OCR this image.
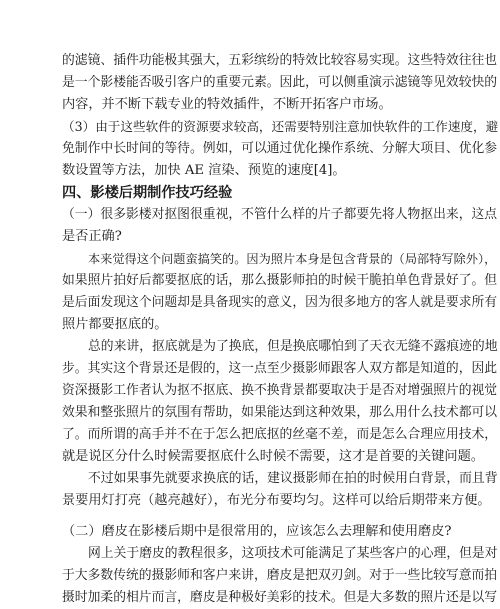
的滤镜、插件功能极其强大，五彩缤纷的特效比较容易实现。这些特效往往也
是一个影楼能否吸引客户的重要元素。因此，可以侧重演示滤镜等见效较快的
内容，并不断下载专业的特效插件，不断开拓客户市场。
（3）由于这些软件的资源要求较高，还需要特别注意加快软件的工作速度，避
免制作中长时间的等待。例如，可以通过优化操作系统、分解大项目、优化参
数设置等方法，加快 AE 渲染、预览的速度[4]。
四、影楼后期制作技巧经验
（一）很多影楼对抠图很重视，不管什么样的片子都要先将人物抠出来，这点
是否正确?
本来觉得这个问题蛮搞笑的。因为照片本身是包含背景的（局部特写除外），
如果照片拍好后都要抠底的话，那么摄影师拍的时候干脆拍单色背景好了。但
是后面发现这个问题却是具备现实的意义，因为很多地方的客人就是要求所有
照片都要抠底的。
总的来讲，抠底就是为了换底，但是换底哪怕到了天衣无缝不露痕迹的地
步。其实这个背景还是假的，这一点至少摄影师跟客人双方都是知道的，因此
资深摄影工作者认为抠不抠底、换不换背景都要取决于是否对增强照片的视觉
效果和整张照片的氛围有帮助，如果能达到这种效果，那么用什么技术都可以
了。而所谓的高手并不在于怎么把底抠的丝毫不差，而是怎么合理应用技术，
就是说区分什么时候需要抠底什么时候不需要，这才是首要的关键问题。
不过如果事先就要求换底的话，建议摄影师在拍的时候用白背景，而且背
景要用灯打亮（越亮越好），布光分布要均匀。这样可以给后期带来方便。
（二）磨皮在影楼后期中是很常用的，应该怎么去理解和使用磨皮?
网上关于磨皮的教程很多，这项技术可能满足了某些客户的心理，但是对
于大多数传统的摄影师和客户来讲，磨皮是把双刃剑。对于一些比较写意而拍
摄时加柔的相片而言，磨皮是种极好美彩的技术。但是大多数的照片还是以写
